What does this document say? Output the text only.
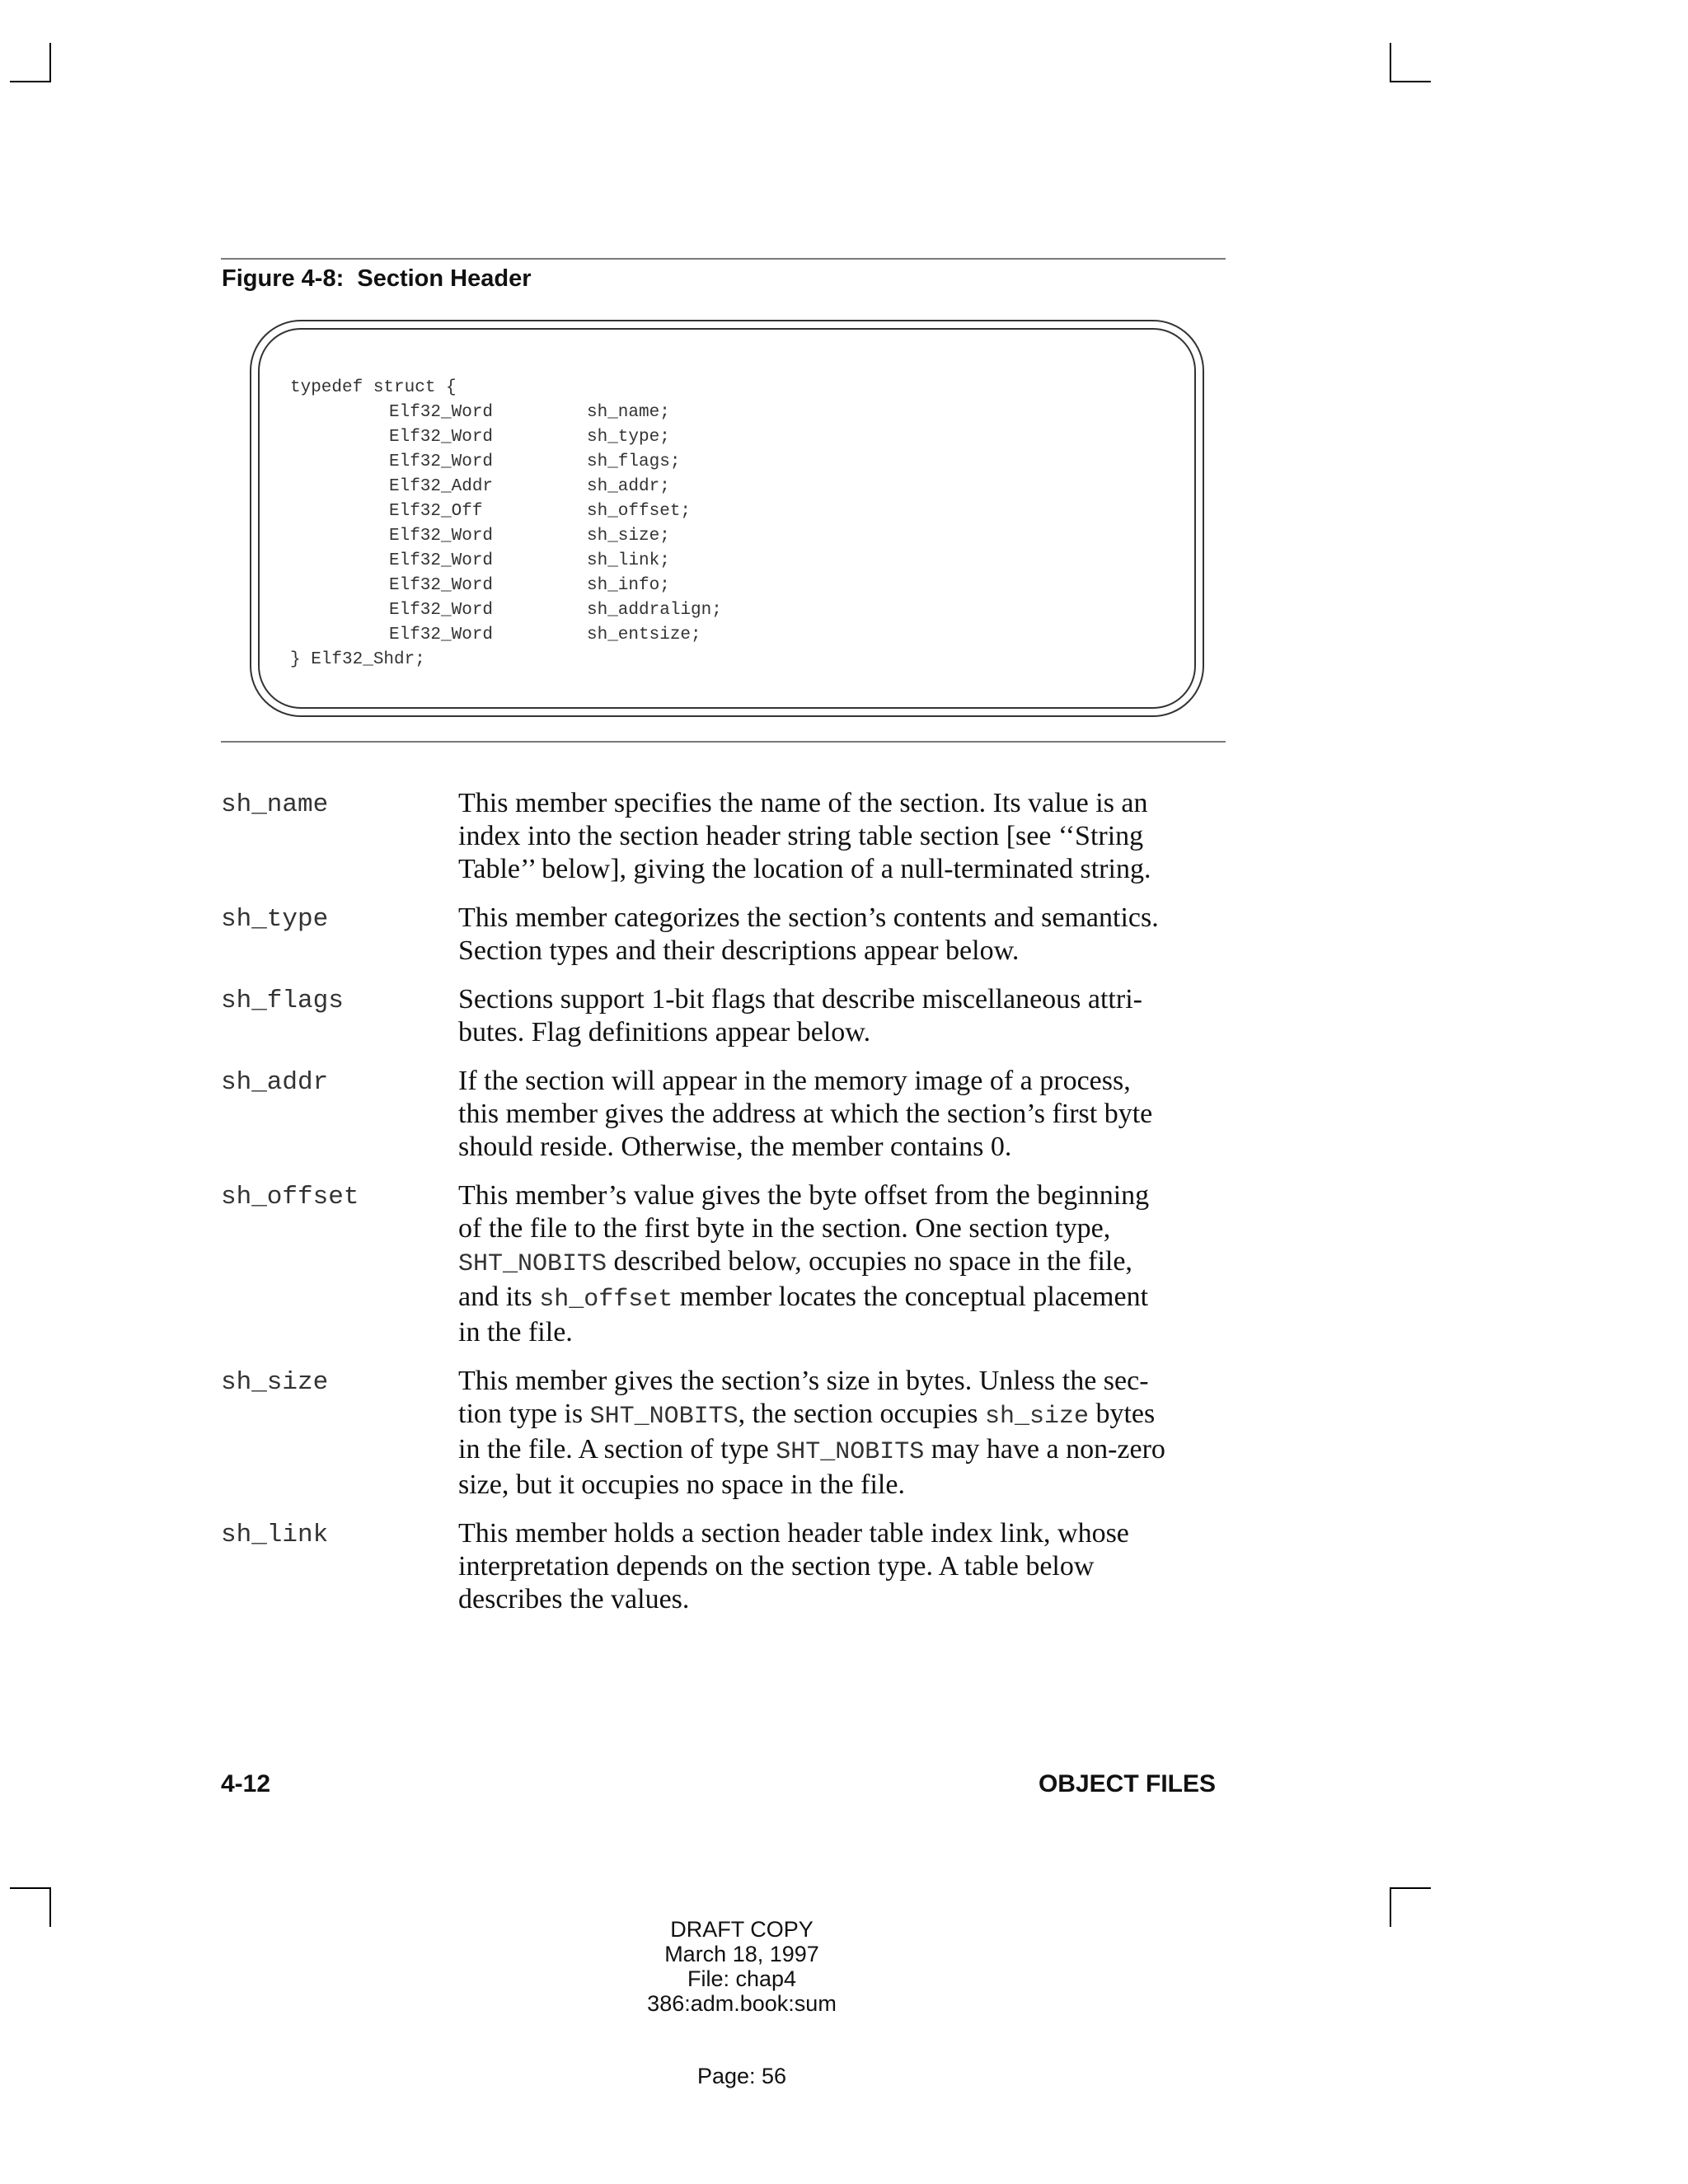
Figure 4-8:  Section Header
typedef struct {
Elf32_Word	sh_name;
Elf32_Word	sh_type;
Elf32_Word	sh_flags;
Elf32_Addr	sh_addr;
Elf32_Off	sh_offset;
Elf32_Word	sh_size;
Elf32_Word	sh_link;
Elf32_Word	sh_info;
Elf32_Word	sh_addralign;
Elf32_Word	sh_entsize;
} Elf32_Shdr;
sh_name	This member specifies the name of the section. Its value is an
index into the section header string table section [see ‘‘String
Table’’ below], giving the location of a null-terminated string.
sh_type	This member categorizes the section’s contents and semantics.
Section types and their descriptions appear below.
sh_flags	Sections support 1-bit flags that describe miscellaneous attri-
butes. Flag definitions appear below.
sh_addr	If the section will appear in the memory image of a process,
this member gives the address at which the section’s first byte
should reside. Otherwise, the member contains 0.
sh_offset	This member’s value gives the byte offset from the beginning
of the file to the first byte in the section. One section type,
SHT_NOBITS described below, occupies no space in the file,
and its sh_offset member locates the conceptual placement
in the file.
sh_size	This member gives the section’s size in bytes. Unless the sec-
tion type is SHT_NOBITS, the section occupies sh_size bytes
in the file. A section of type SHT_NOBITS may have a non-zero
size, but it occupies no space in the file.
sh_link	This member holds a section header table index link, whose
interpretation depends on the section type. A table below
describes the values.
4-12	OBJECT FILES
DRAFT COPY
March 18, 1997
File: chap4
386:adm.book:sum
Page: 56
